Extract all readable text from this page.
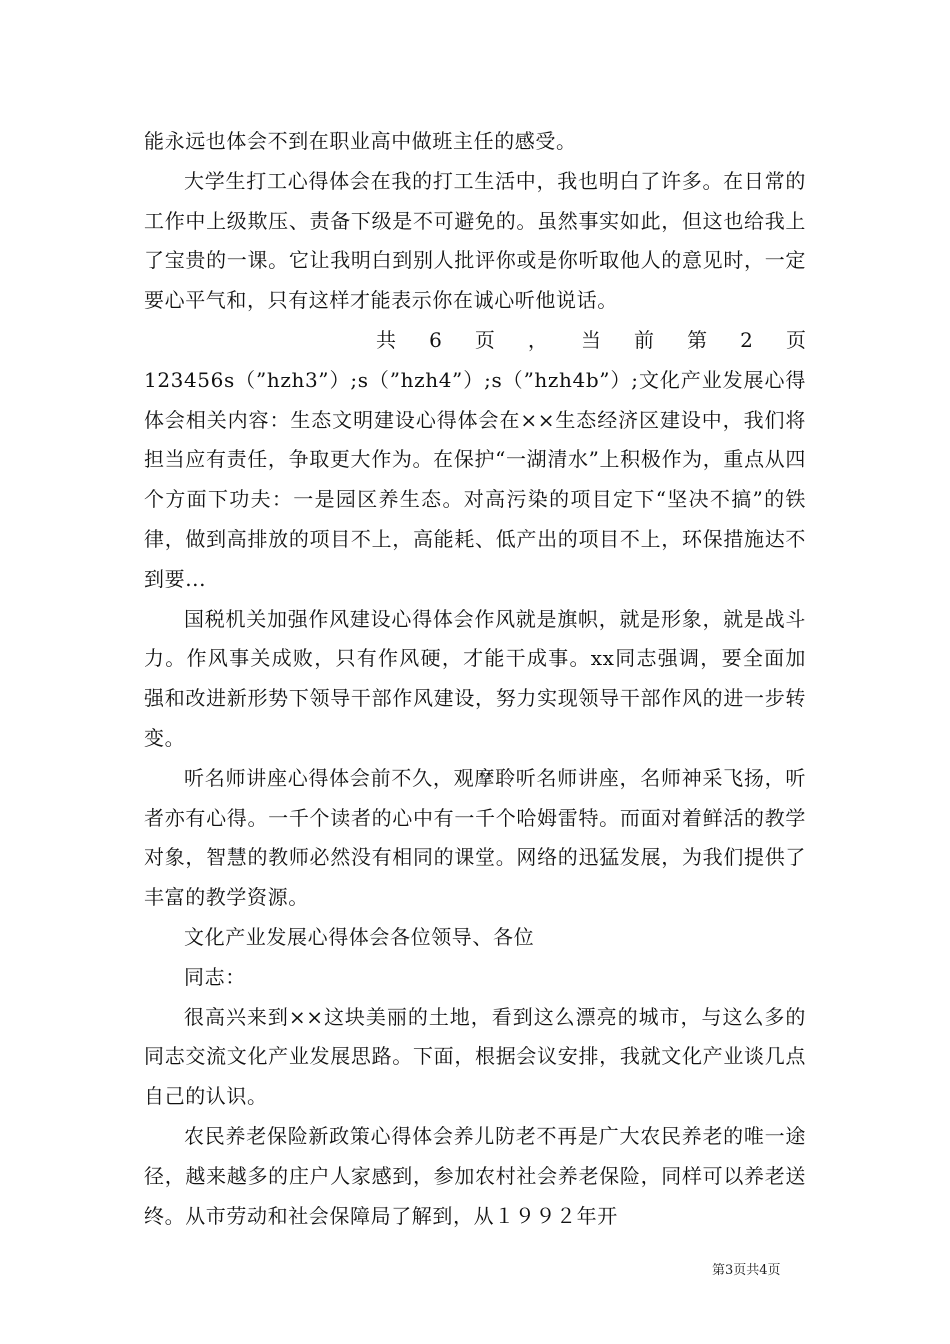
能永远也体会不到在职业高中做班主任的感受。

大学生打工心得体会在我的打工生活中，我也明白了许多。在日常的工作中上级欺压、责备下级是不可避免的。虽然事实如此，但这也给我上了宝贵的一课。它让我明白到别人批评你或是你听取他人的意见时，一定要心平气和，只有这样才能表示你在诚心听他说话。

共 6 页 ， 当 前 第 2 页

123456s（”hzh3”）;s（”hzh4”）;s（”hzh4b”）;文化产业发展心得体会相关内容：生态文明建设心得体会在××生态经济区建设中，我们将担当应有责任，争取更大作为。在保护“一湖清水”上积极作为，重点从四个方面下功夫：一是园区养生态。对高污染的项目定下“坚决不搞”的铁律，做到高排放的项目不上，高能耗、低产出的项目不上，环保措施达不到要...

国税机关加强作风建设心得体会作风就是旗帜，就是形象，就是战斗力。作风事关成败，只有作风硬，才能干成事。xx同志强调，要全面加强和改进新形势下领导干部作风建设，努力实现领导干部作风的进一步转变。

听名师讲座心得体会前不久，观摩聆听名师讲座，名师神采飞扬，听者亦有心得。一千个读者的心中有一千个哈姆雷特。而面对着鲜活的教学对象，智慧的教师必然没有相同的课堂。网络的迅猛发展，为我们提供了丰富的教学资源。

文化产业发展心得体会各位领导、各位

同志：

很高兴来到××这块美丽的土地，看到这么漂亮的城市，与这么多的同志交流文化产业发展思路。下面，根据会议安排，我就文化产业谈几点自己的认识。

农民养老保险新政策心得体会养儿防老不再是广大农民养老的唯一途径，越来越多的庄户人家感到，参加农村社会养老保险，同样可以养老送终。从市劳动和社会保障局了解到，从１９９２年开

第3页共4页
